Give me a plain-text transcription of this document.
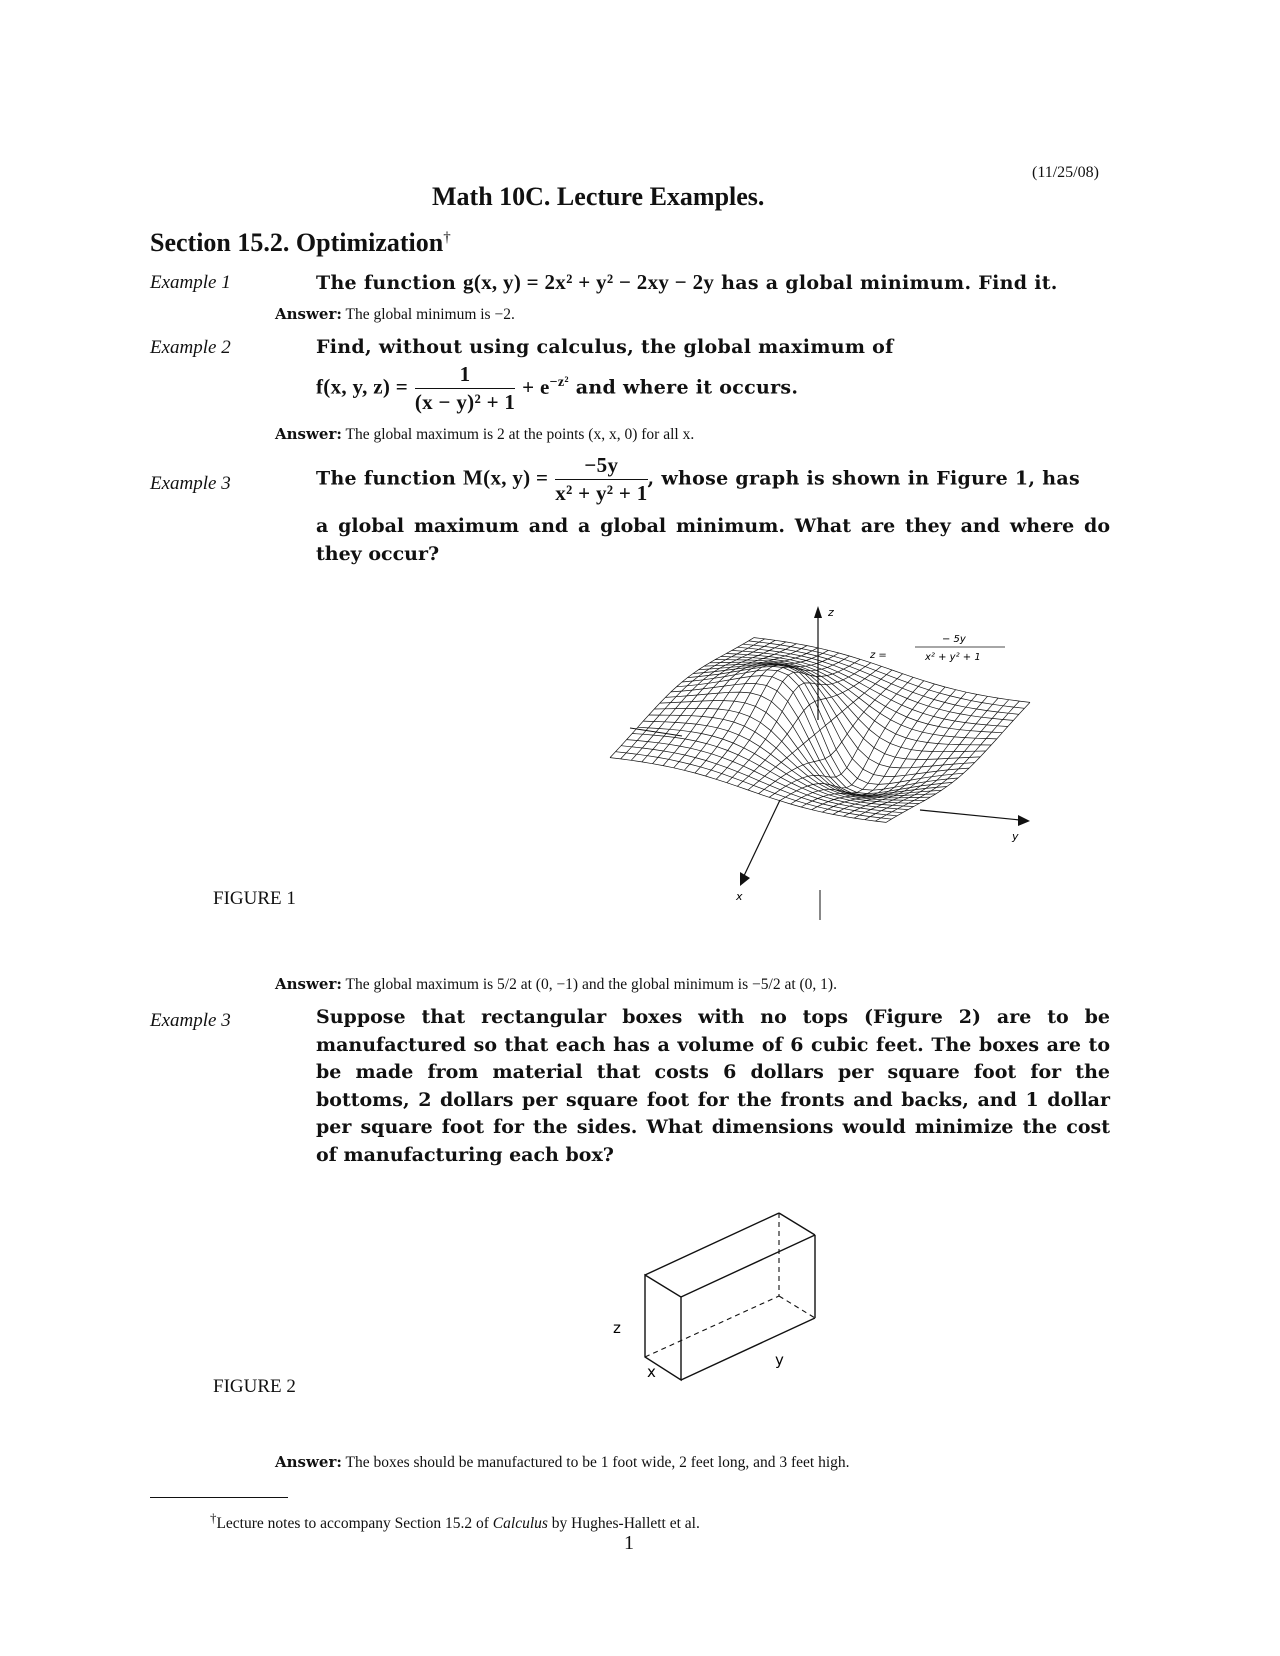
(11/25/08)
Math 10C. Lecture Examples.
Section 15.2. Optimization†
Example 1	The function g(x, y) = 2x² + y² − 2xy − 2y has a global minimum. Find it.
Answer: The global minimum is −2.
Example 2	Find, without using calculus, the global maximum of
f(x, y, $z) = \frac{1}{\text{(x − y)² + 1}} + e^{-z^2}$ and where it occurs.
Answer: The global maximum is 2 at the points (x, x, 0) for all x.
Example 3	The function M(x, $y) = \frac{-5y}{\text{x² + y² + 1}}$ , whose graph is shown in Figure 1, has
a global maximum and a global minimum. What are they and where do they occur?
FIGURE 1
z
x
y
z =
− 5y
x² + y² + 1
Answer: The global maximum is 5/2 at (0, −1) and the global minimum is −5/2 at (0, 1).
Example 3	Suppose that rectangular boxes with no tops (Figure 2) are to be manufactured so that each has a volume of 6 cubic feet. The boxes are to be made from material that costs 6 dollars per square foot for the bottoms, 2 dollars per square foot for the fronts and backs, and 1 dollar per square foot for the sides. What dimensions would minimize the cost of manufacturing each box?
FIGURE 2
z
x
y
Answer: The boxes should be manufactured to be 1 foot wide, 2 feet long, and 3 feet high.
†Lecture notes to accompany Section 15.2 of Calculus by Hughes-Hallett et al.
1
